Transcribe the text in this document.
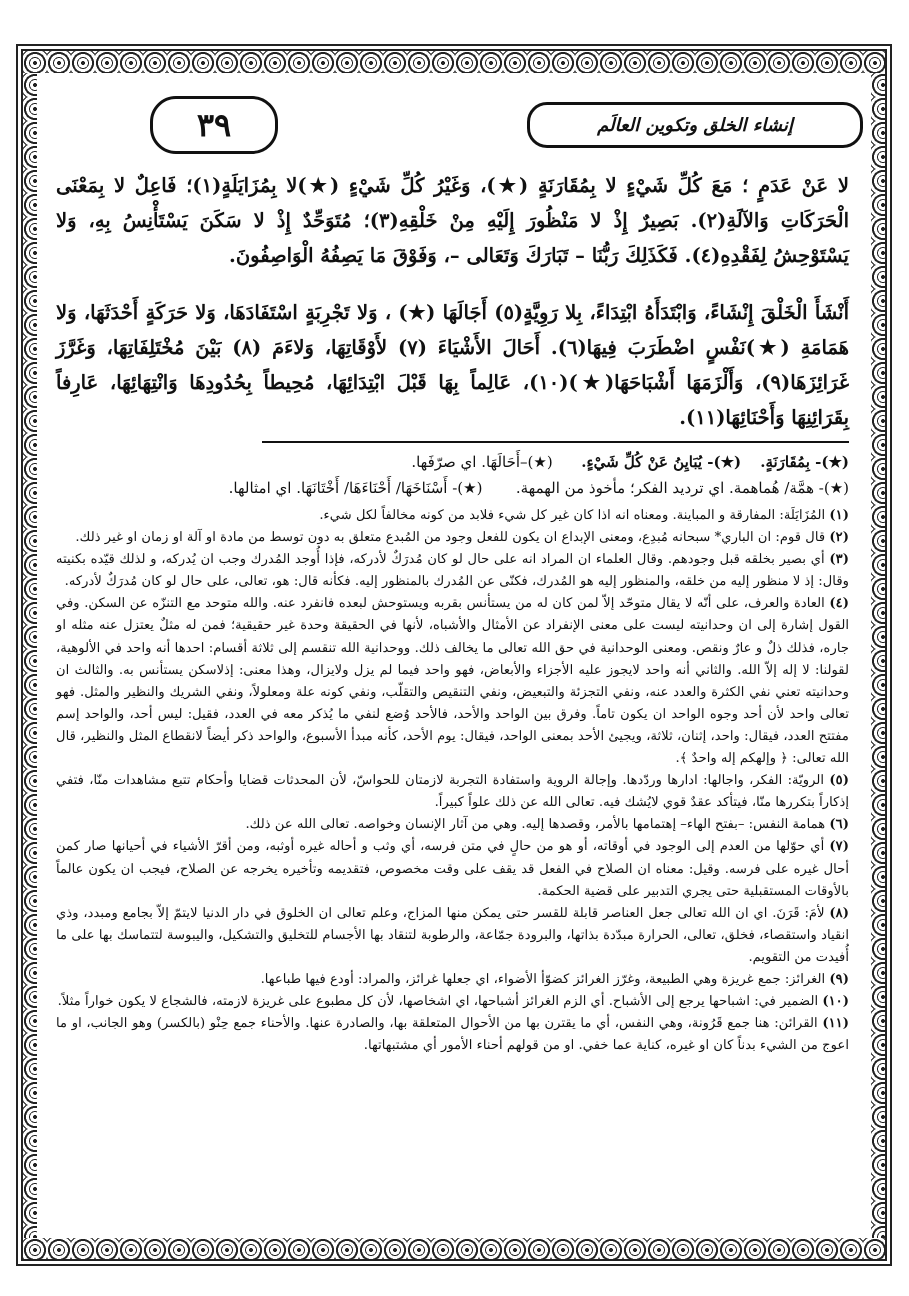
٣٩	إنشاء الخلق وتكوين العالَم

لا عَنْ عَدَمٍ ؛ مَعَ كُلِّ شَيْءٍ لا بِمُقَارَنَةٍ (★)، وَغَيْرُ كُلِّ شَيْءٍ (★)لا بِمُزَايَلَةٍ(١)؛ فَاعِلٌ لا بِمَعْنَى الْحَرَكَاتِ وَالآلَةِ(٢). بَصِيرٌ إِذْ لا مَنْظُورَ إِلَيْهِ مِنْ خَلْقِهِ(٣)؛ مُتَوَحِّدٌ إِذْ لا سَكَنَ يَسْتَأْنِسُ بِهِ، وَلا يَسْتَوْحِشُ لِفَقْدِهِ(٤). فَكَذَلِكَ رَبُّنَا – تَبَارَكَ وَتَعَالى –، وَفَوْقَ مَا يَصِفُهُ الْوَاصِفُونَ.

أَنْشَأَ الْخَلْقَ إِنْشَاءً، وَابْتَدَأَهُ ابْتِدَاءً، بِلا رَوِيَّةٍ(٥) أَجَالَهَا (★) ، وَلا تَجْرِبَةٍ اسْتَفَادَهَا، وَلا حَرَكَةٍ أَحْدَثَهَا، وَلا هَمَامَةِ (★)نَفْسٍ اضْطَرَبَ فِيهَا(٦). أَحَالَ الأَشْيَاءَ (٧) لأَوْقَاتِهَا، وَلاءَمَ (٨) بَيْنَ مُخْتَلِفَاتِهَا، وَغَرَّزَ غَرَائِزَهَا(٩)، وَأَلْزَمَهَا أَشْبَاحَهَا(★)(١٠)، عَالِماً بِهَا قَبْلَ ابْتِدَائِهَا، مُحِيطاً بِحُدُودِهَا وَانْتِهَائِهَا، عَارِفاً بِقَرَائِنِهَا وَأَحْنَائِهَا(١١).

(★)- بِمُقَارَنَةٍ.    (★)- يُبَايِنُ عَنْ كُلِّ شَيْءٍ.      (★)–أَحَالَهَا. اي صرّفَها.

(★)- همَّة/ هُماهمة. اي ترديد الفكر؛ مأخوذ من الهمهة.       (★)- أَسْنَاخَهَا/ أَحْنَاءَهَا/ أَخْتَانَهَا. اي امثالها.

(١) المُزَايَلَة: المفارقة و المباينة. ومعناه انه اذا كان غير كل شيء فلابد من كونه مخالفاً لكل شيء.

(٢) قال قوم: ان الباري* سبحانه مُبدِع، ومعنى الإبداع ان يكون للفعل وجود من المُبدع متعلق به دون توسط من مادة او آلة او زمان او غير ذلك.

(٣) أي بصير بخلقه قبل وجودهم. وقال العلماء ان المراد انه على حال لو كان مُدرَكٌ لأدركه، فإذا أُوجد المُدرك وجب ان يُدركه، و لذلك قيّده بكنيته وقال: إذ لا منظور إليه من خلقه، والمنظور إليه هو المُدرك، فكنّى عن المُدرك بالمنظور إليه. فكأنه قال: هو، تعالى، على حال لو كان مُدرَكٌ لأدركه.

(٤) العادة والعرف، على أنّه لا يقال متوحّد إلاّ لمن كان له من يستأنس بقربه ويستوحش لبعده فانفرد عنه. والله متوحد مع التنزّه عن السكن. وفي القول إشارة إلى ان وحدانيته ليست على معنى الإنفراد عن الأمثال والأشباه، لأنها في الحقيقة وحدة غير حقيقية؛ فمن له مثلٌ يعتزل عنه مثله او جاره، فذلك ذلٌ و عارٌ ونقص. ومعنى الوحدانية في حق الله تعالى ما يخالف ذلك. ووحدانية الله تنقسم إلى ثلاثة أقسام: احدها أنه واحد في الألوهية، لقولنا: لا إله إلاّ الله. والثاني أنه واحد لايجوز عليه الأجزاء والأبعاض، فهو واحد فيما لم يزل ولايزال، وهذا معنى: إذلاسكن يستأنس به. والثالث ان وحدانيته تعني نفي الكثرة والعدد عنه، ونفي التجزئة والتبعيض، ونفي التنقيص والتقلّب، ونفي كونه علة ومعلولاً، ونفي الشريك والنظير والمثل. فهو تعالى واحد لأن أحد وجوه الواحد ان يكون تاماً. وفرق بين الواحد والأحد، فالأحد وُضع لنفي ما يُذكر معه في العدد، فقيل: ليس أحد، والواحد إسم مفتتح العدد، فيقال: واحد، إثنان، ثلاثة، ويجيئ الأحد بمعنى الواحد، فيقال: يوم الأحد، كأنه مبدأ الأسبوع، والواحد ذكر أيضاً لانقطاع المثل والنظير، قال الله تعالى: ﴿ وإلهكم إله واحدٌ ﴾.

(٥) الرويّة: الفكر، واجالها: ادارها وردّدها. وإجالة الروية واستفادة التجربة لازمتان للحواسّ، لأن المحدثات قضايا وأحكام تتبع مشاهدات منّا، فتفي إذكاراً بتكررها منّا، فيتأكد عقدٌ قوي لايُشك فيه. تعالى الله عن ذلك علواً كبيراً.

(٦) همامة النفس: –بفتح الهاء– إهتمامها بالأمر، وقصدها إليه. وهي من آثار الإنسان وخواصه. تعالى الله عن ذلك.

(٧) أي حوّلها من العدم إلى الوجود في أوقاته، أو هو من حالٍ في متن فرسه، أي وثب و أحاله غيره أوثبه، ومن أقرّ الأشياء في أحيانها صار كمن أحال غيره على فرسه. وقيل: معناه ان الصلاح في الفعل قد يقف على وقت مخصوص، فتقديمه وتأخيره يخرجه عن الصلاح، فيجب ان يكون عالماً بالأوقات المستقبلية حتى يجري التدبير على قضية الحكمة.

(٨) لأمَ: قَرَنَ. اي ان الله تعالى جعل العناصر قابلة للقسر حتى يمكن منها المزاج، وعلم تعالى ان الخلوق في دار الدنيا لايتمّ إلاّ بجامع ومبدد، وذي انقياد واستقصاء، فخلق، تعالى، الحرارة مبدّدة بذاتها، والبرودة جمّاعة، والرطوبة لتنقاد بها الأجسام للتخليق والتشكيل، واليبوسة لتتماسك بها على ما أُفيدت من التقويم.

(٩) الغرائز: جمع غريزة وهي الطبيعة، وغرّز الغرائز كضوّأ الأضواء، اي جعلها غرائز، والمراد: أودع فيها طباعها.

(١٠) الضمير في: اشباحها يرجع إلى الأشباح. أي الزم الغرائز أشباحها، اي اشخاصها، لأن كل مطبوع على غريزة لازمته، فالشجاع لا يكون خواراً مثلاً.

(١١) القرائن: هنا جمع قَرُونة، وهي النفس، أي ما يقترن بها من الأحوال المتعلقة بها، والصادرة عنها. والأحناء جمع حِنْو (بالكسر) وهو الجانب، او ما اعوج من الشيء بدناً كان او غيره، كناية عما خفي. او من قولهم أحناء الأمور أي مشتبهاتها.
